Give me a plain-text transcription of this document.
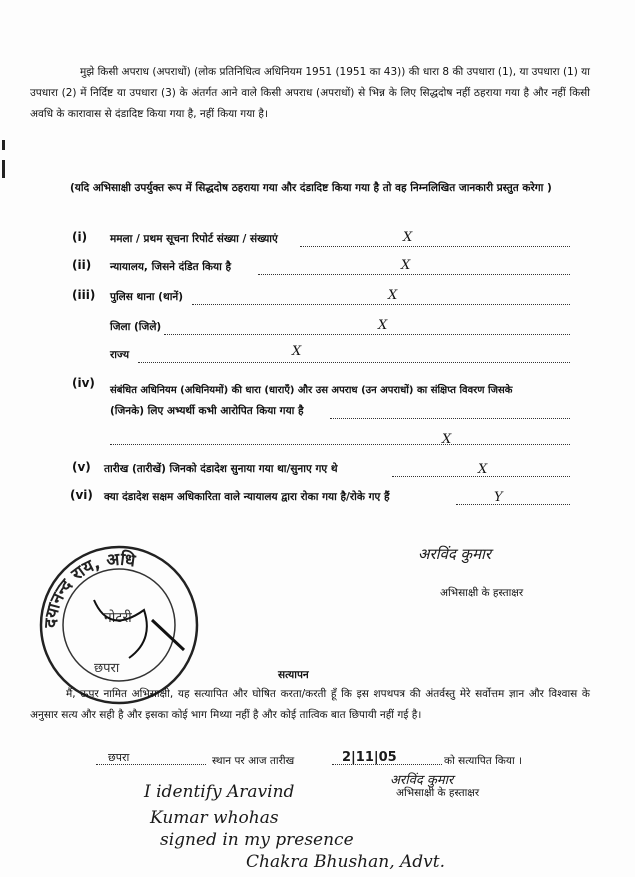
मुझे किसी अपराध (अपराधों) (लोक प्रतिनिधित्व अधिनियम 1951 (1951 का 43)) की धारा 8 की उपधारा (1), या उपधारा (1) या उपधारा (2) में निर्दिष्ट या उपधारा (3) के अंतर्गत आने वाले किसी अपराध (अपराधों) से भिन्न के लिए सिद्धदोष नहीं ठहराया गया है और नहीं किसी अवधि के कारावास से दंडादिष्ट किया गया है, नहीं किया गया है।
(यदि अभिसाक्षी उपर्युक्त रूप में सिद्धदोष ठहराया गया और दंडादिष्ट किया गया है तो वह निम्नलिखित जानकारी प्रस्तुत करेगा )
(i) ममला / प्रथम सूचना रिपोर्ट संख्या / संख्याएं	X
(ii) न्यायालय, जिसने दंडित किया है	X
(iii) पुलिस थाना (थानें)	X
जिला (जिले)	X
राज्य	X
(iv)
संबंधित अधिनियम (अधिनियमों) की धारा (धाराएँ) और उस अपराध (उन अपराधों) का संक्षिप्त विवरण जिसके
(जिनके) लिए अभ्यर्थी कभी आरोपित किया गया है
X
(v) तारीख (तारीखें) जिनको दंडादेश सुनाया गया था/सुनाए गए थे	X
(vi) क्या दंडादेश सक्षम अधिकारिता वाले न्यायालय द्वारा रोका गया है/रोके गए हैं	Y
अरविंद कुमार
अभिसाक्षी के हस्ताक्षर
दयानन्द राय, अधि
नोटरी
छपरा	सत्यापन
मैं, ऊपर नामित अभिसाक्षी, यह सत्यापित और घोषित करता/करती हूँ कि इस शपथपत्र की अंतर्वस्तु मेरे सर्वोत्तम ज्ञान और विश्वास के अनुसार सत्य और सही है और इसका कोई भाग मिथ्या नहीं है और कोई तात्विक बात छिपायी नहीं गई है।
छपरा	स्थान पर आज तारीख	2|11|05	को सत्यापित किया ।
अरविंद कुमार
अभिसाक्षी के हस्ताक्षर
I identify Aravind
Kumar whohas
signed in my presence
Chakra Bhushan, Advt.
